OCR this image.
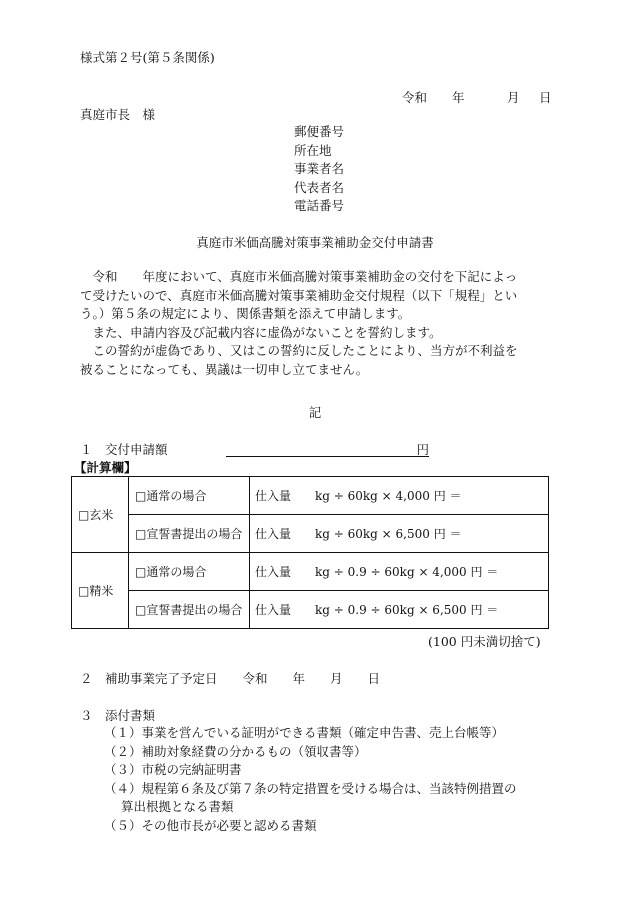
様式第２号(第５条関係)
令和	年	月	日
真庭市長　様
郵便番号
所在地
事業者名
代表者名
電話番号
真庭市米価高騰対策事業補助金交付申請書
令和　　年度において、真庭市米価高騰対策事業補助金の交付を下記によっ
て受けたいので、真庭市米価高騰対策事業補助金交付規程（以下「規程」とい
う。）第５条の規定により、関係書類を添えて申請します。
また、申請内容及び記載内容に虚偽がないことを誓約します。
この誓約が虚偽であり、又はこの誓約に反したことにより、当方が不利益を
被ることになっても、異議は一切申し立てません。
記
１　交付申請額	円
【計算欄】
□玄米	□通常の場合	仕入量　　kg ÷ 60kg × 4,000 円 ＝
	□宣誓書提出の場合	仕入量　　kg ÷ 60kg × 6,500 円 ＝
□精米	□通常の場合	仕入量　　kg ÷ 0.9 ÷ 60kg × 4,000 円 ＝
	□宣誓書提出の場合	仕入量　　kg ÷ 0.9 ÷ 60kg × 6,500 円 ＝
(100 円未満切捨て)
２　補助事業完了予定日　　令和　　年　　月　　日
３　添付書類
（１）事業を営んでいる証明ができる書類（確定申告書、売上台帳等）
（２）補助対象経費の分かるもの（領収書等）
（３）市税の完納証明書
（４）規程第６条及び第７条の特定措置を受ける場合は、当該特例措置の
算出根拠となる書類
（５）その他市長が必要と認める書類
